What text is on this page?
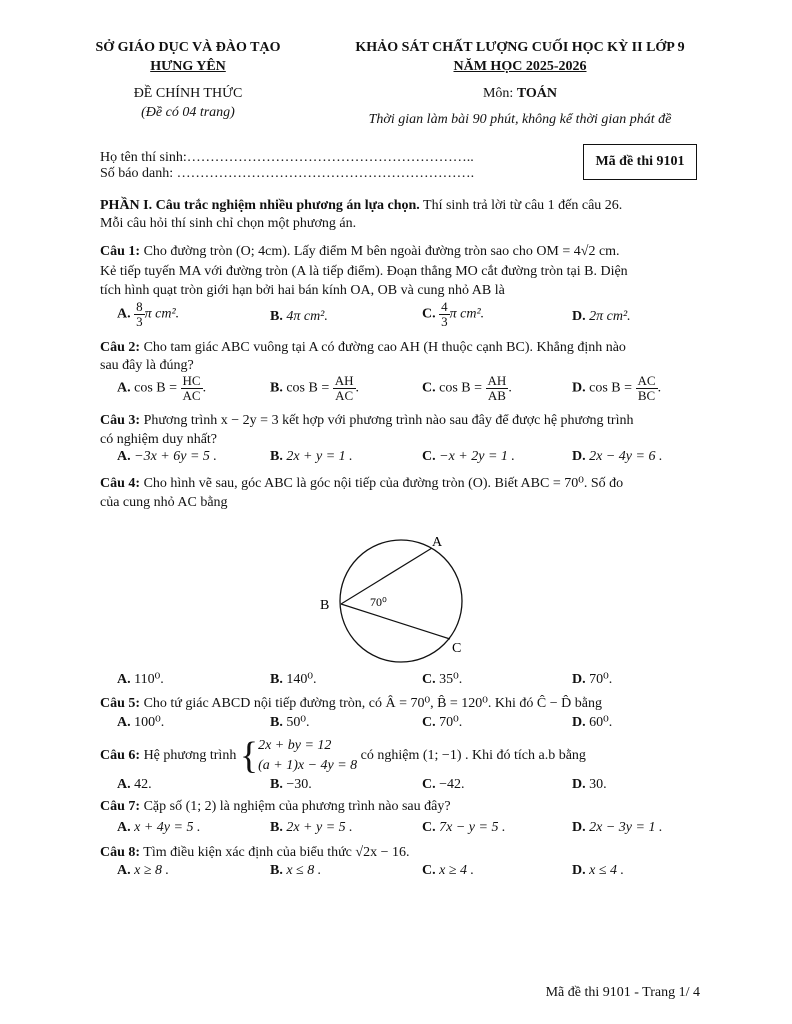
SỞ GIÁO DỤC VÀ ĐÀO TẠO
HƯNG YÊN
ĐỀ CHÍNH THỨC
(Đề có 04 trang)
KHẢO SÁT CHẤT LƯỢNG CUỐI HỌC KỲ II LỚP 9
NĂM HỌC 2025-2026
Môn: TOÁN
Thời gian làm bài 90 phút, không kể thời gian phát đề
Họ tên thí sinh:……………………………………………………..
Số báo danh: ……………………………………………………….
Mã đề thi 9101
PHẦN I. Câu trắc nghiệm nhiều phương án lựa chọn. Thí sinh trả lời từ câu 1 đến câu 26.
Mỗi câu hỏi thí sinh chỉ chọn một phương án.
Câu 1: Cho đường tròn (O; 4cm). Lấy điểm M bên ngoài đường tròn sao cho OM = 4√2 cm.
Kẻ tiếp tuyến MA với đường tròn (A là tiếp điểm). Đoạn thẳng MO cắt đường tròn tại B. Diện
tích hình quạt tròn giới hạn bởi hai bán kính OA, OB và cung nhỏ AB là
A. $\frac{8}{3}$ π cm².	B. 4π cm².	C. $\frac{4}{3}$ π cm².	D. 2π cm².
Câu 2: Cho tam giác ABC vuông tại A có đường cao AH (H thuộc cạnh BC). Khẳng định nào
sau đây là đúng?
A. $\cos B = \frac{HC}{AC}$ .	B. $\cos B = \frac{AH}{AC}$ .	C. $\cos B = \frac{AH}{AB}$ .	D. $\cos B = \frac{AC}{BC}$ .
Câu 3: Phương trình x − 2y = 3 kết hợp với phương trình nào sau đây để được hệ phương trình
có nghiệm duy nhất?
A. −3x + 6y = 5 .	B. 2x + y = 1 .	C. −x + 2y = 1 .	D. 2x − 4y = 6 .
Câu 4: Cho hình vẽ sau, góc ABC là góc nội tiếp của đường tròn (O). Biết ABC = 70⁰. Số đo
của cung nhỏ AC bằng
A
B
C
70⁰
A. 110⁰.	B. 140⁰.	C. 35⁰.	D. 70⁰.
Câu 5: Cho tứ giác ABCD nội tiếp đường tròn, có Â = 70⁰, B̂ = 120⁰. Khi đó Ĉ − D̂ bằng
A. 100⁰.	B. 50⁰.	C. 70⁰.	D. 60⁰.
Câu 6: Hệ phương trình { 2x + by = 12
(a + 1)x − 4y = 8
có nghiệm (1; −1) . Khi đó tích a.b bằng
A. 42.	B. −30.	C. −42.	D. 30.
Câu 7: Cặp số (1; 2) là nghiệm của phương trình nào sau đây?
A. x + 4y = 5 .	B. 2x + y = 5 .	C. 7x − y = 5 .	D. 2x − 3y = 1 .
Câu 8: Tìm điều kiện xác định của biểu thức √2x − 16.
A. x ≥ 8 .	B. x ≤ 8 .	C. x ≥ 4 .	D. x ≤ 4 .
Mã đề thi 9101 - Trang 1/ 4
